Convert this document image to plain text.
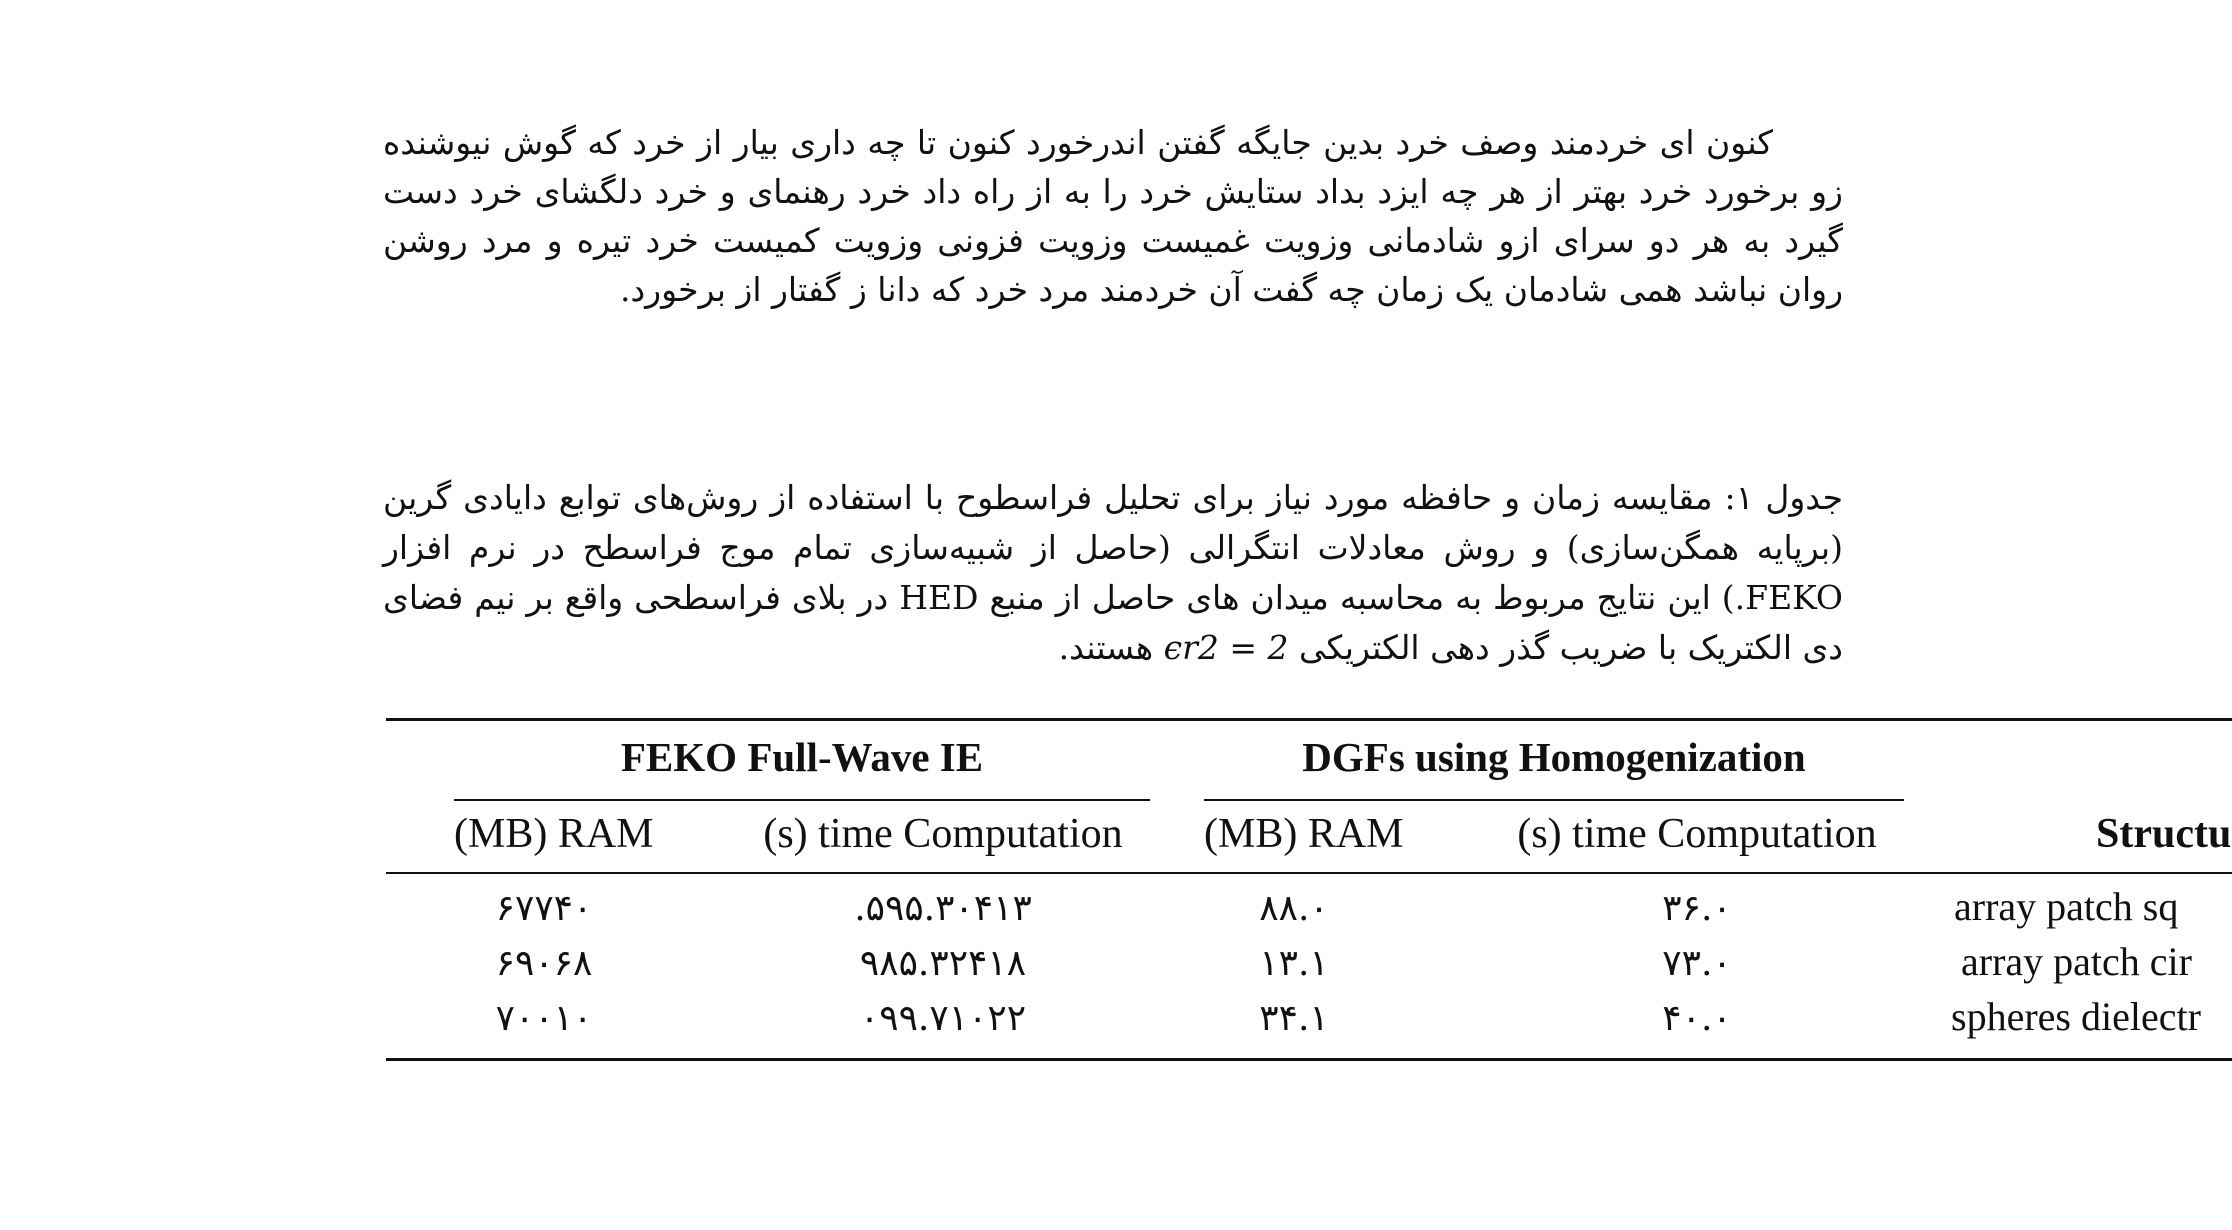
کنون ای خردمند وصف خرد بدین جایگه گفتن اندرخورد کنون تا چه داری بیار از خرد که گوش نیوشنده زو برخورد خرد بهتر از هر چه ایزد بداد ستایش خرد را به از راه داد خرد رهنمای و خرد دلگشای خرد دست گیرد به هر دو سرای ازو شادمانی وزویت غمیست وزویت فزونی وزویت کمیست خرد تیره و مرد روشن روان نباشد همی شادمان یک زمان چه گفت آن خردمند مرد خرد که دانا ز گفتار از برخورد.

جدول ۱: مقایسه زمان و حافظه مورد نیاز برای تحلیل فراسطوح با استفاده از روش‌های توابع دایادی گرین (برپایه همگن‌سازی) و روش معادلات انتگرالی (حاصل از شبیه‌سازی تمام موج فراسطح در نرم افزار FEKO.) این نتایج مربوط به محاسبه میدان های حاصل از منبع HED در بلای فراسطحی واقع بر نیم فضای دی الکتریک با ضریب گذر دهی الکتریکی ϵr2 = 2 هستند.

FEKO Full-Wave IE	DGFs using Homogenization
(MB) RAM	(s) time Computation	(MB) RAM	(s) time Computation	Structu
۶۷۷۴۰	.۵۹۵.۳۰۴۱۳	۸۸.۰	۳۶.۰	array patch sq
۶۹۰۶۸	۹۸۵.۳۲۴۱۸	۱۳.۱	۷۳.۰	array patch cir
۷۰۰۱۰	۰۹۹.۷۱۰۲۲	۳۴.۱	۴۰.۰	spheres dielectr
